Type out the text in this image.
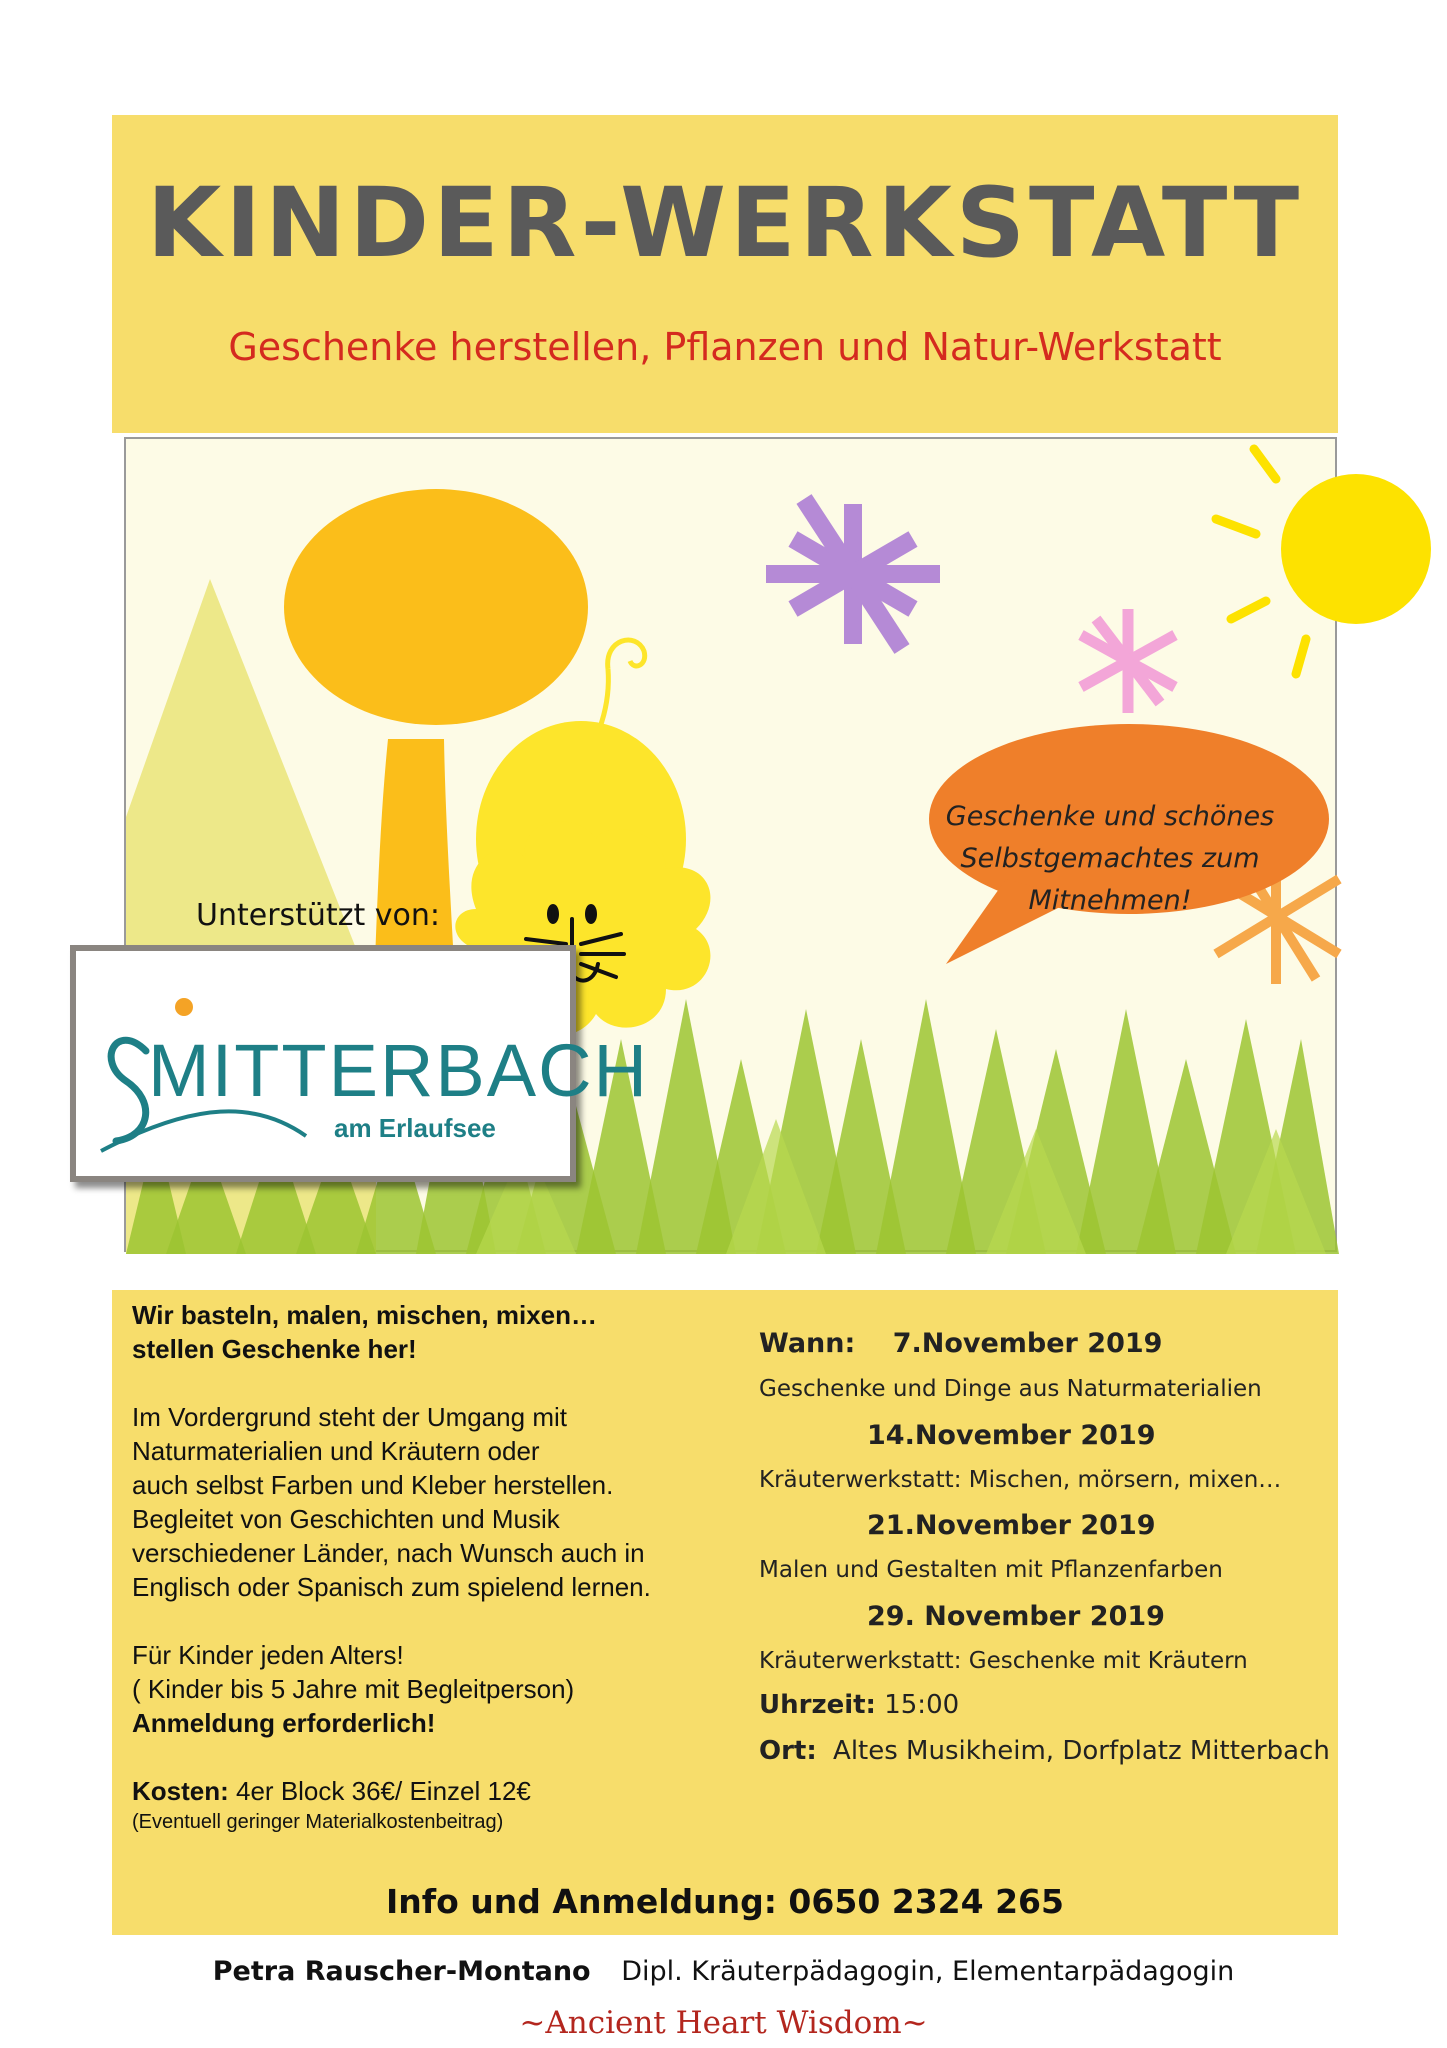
KINDER-WERKSTATT
Geschenke herstellen, Pflanzen und Natur-Werkstatt
Geschenke und schönes
Selbstgemachtes zum
Mitnehmen!
Unterstützt von:
MITTERBACH
am Erlaufsee
Wir basteln, malen, mischen, mixen…
stellen Geschenke her!
Im Vordergrund steht der Umgang mit
Naturmaterialien und Kräutern oder
auch selbst Farben und Kleber herstellen.
Begleitet von Geschichten und Musik
verschiedener Länder, nach Wunsch auch in
Englisch oder Spanisch zum spielend lernen.
Für Kinder jeden Alters!
( Kinder bis 5 Jahre mit Begleitperson)
Anmeldung erforderlich!
Kosten: 4er Block 36€/ Einzel 12€
(Eventuell geringer Materialkostenbeitrag)
Wann: 7.November 2019
Geschenke und Dinge aus Naturmaterialien
14.November 2019
Kräuterwerkstatt: Mischen, mörsern, mixen…
21.November 2019
Malen und Gestalten mit Pflanzenfarben
29. November 2019
Kräuterwerkstatt: Geschenke mit Kräutern
Uhrzeit: 15:00
Ort: Altes Musikheim, Dorfplatz Mitterbach
Info und Anmeldung: 0650 2324 265
Petra Rauscher-Montano Dipl. Kräuterpädagogin, Elementarpädagogin
~Ancient Heart Wisdom~
